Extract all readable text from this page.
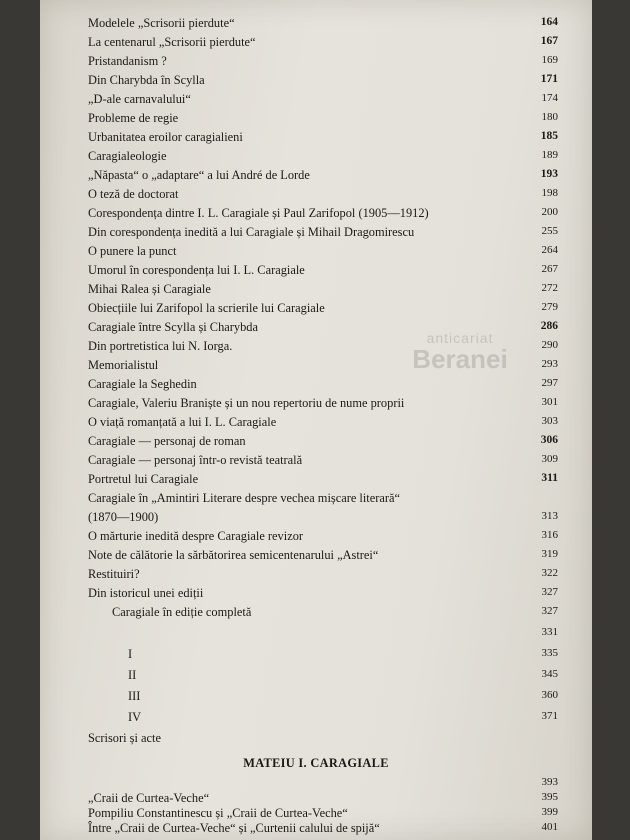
anticariat
Beranei
Modelele „Scrisorii pierdute“	164
La centenarul „Scrisorii pierdute“	167
Pristandanism ?	169
Din Charybda în Scylla	171
„D-ale carnavalului“	174
Probleme de regie	180
Urbanitatea eroilor caragialieni	185
Caragialeologie	189
„Năpasta“ o „adaptare“ a lui André de Lorde	193
O teză de doctorat	198
Corespondența dintre I. L. Caragiale și Paul Zarifopol (1905—1912)	200
Din corespondența inedită a lui Caragiale și Mihail Dragomirescu	255
O punere la punct	264
Umorul în corespondența lui I. L. Caragiale	267
Mihai Ralea și Caragiale	272
Obiecțiile lui Zarifopol la scrierile lui Caragiale	279
Caragiale între Scylla și Charybda	286
Din portretistica lui N. Iorga.	290
Memorialistul	293
Caragiale la Seghedin	297
Caragiale, Valeriu Braniște și un nou repertoriu de nume proprii	301
O viață romanțată a lui I. L. Caragiale	303
Caragiale — personaj de roman	306
Caragiale — personaj într-o revistă teatrală	309
Portretul lui Caragiale	311
Caragiale în „Amintiri Literare despre vechea mișcare literară“
(1870—1900)	313
O mărturie inedită despre Caragiale revizor	316
Note de călătorie la sărbătorirea semicentenarului „Astrei“	319
Restituiri?	322
Din istoricul unei ediții	327
Caragiale în ediție completă	327
331
I	335
II	345
III	360
IV	371
Scrisori și acte
MATEIU I. CARAGIALE
393
„Craii de Curtea-Veche“	395
Pompiliu Constantinescu și „Craii de Curtea-Veche“	399
Între „Craii de Curtea-Veche“ și „Curtenii calului de spijă“	401
